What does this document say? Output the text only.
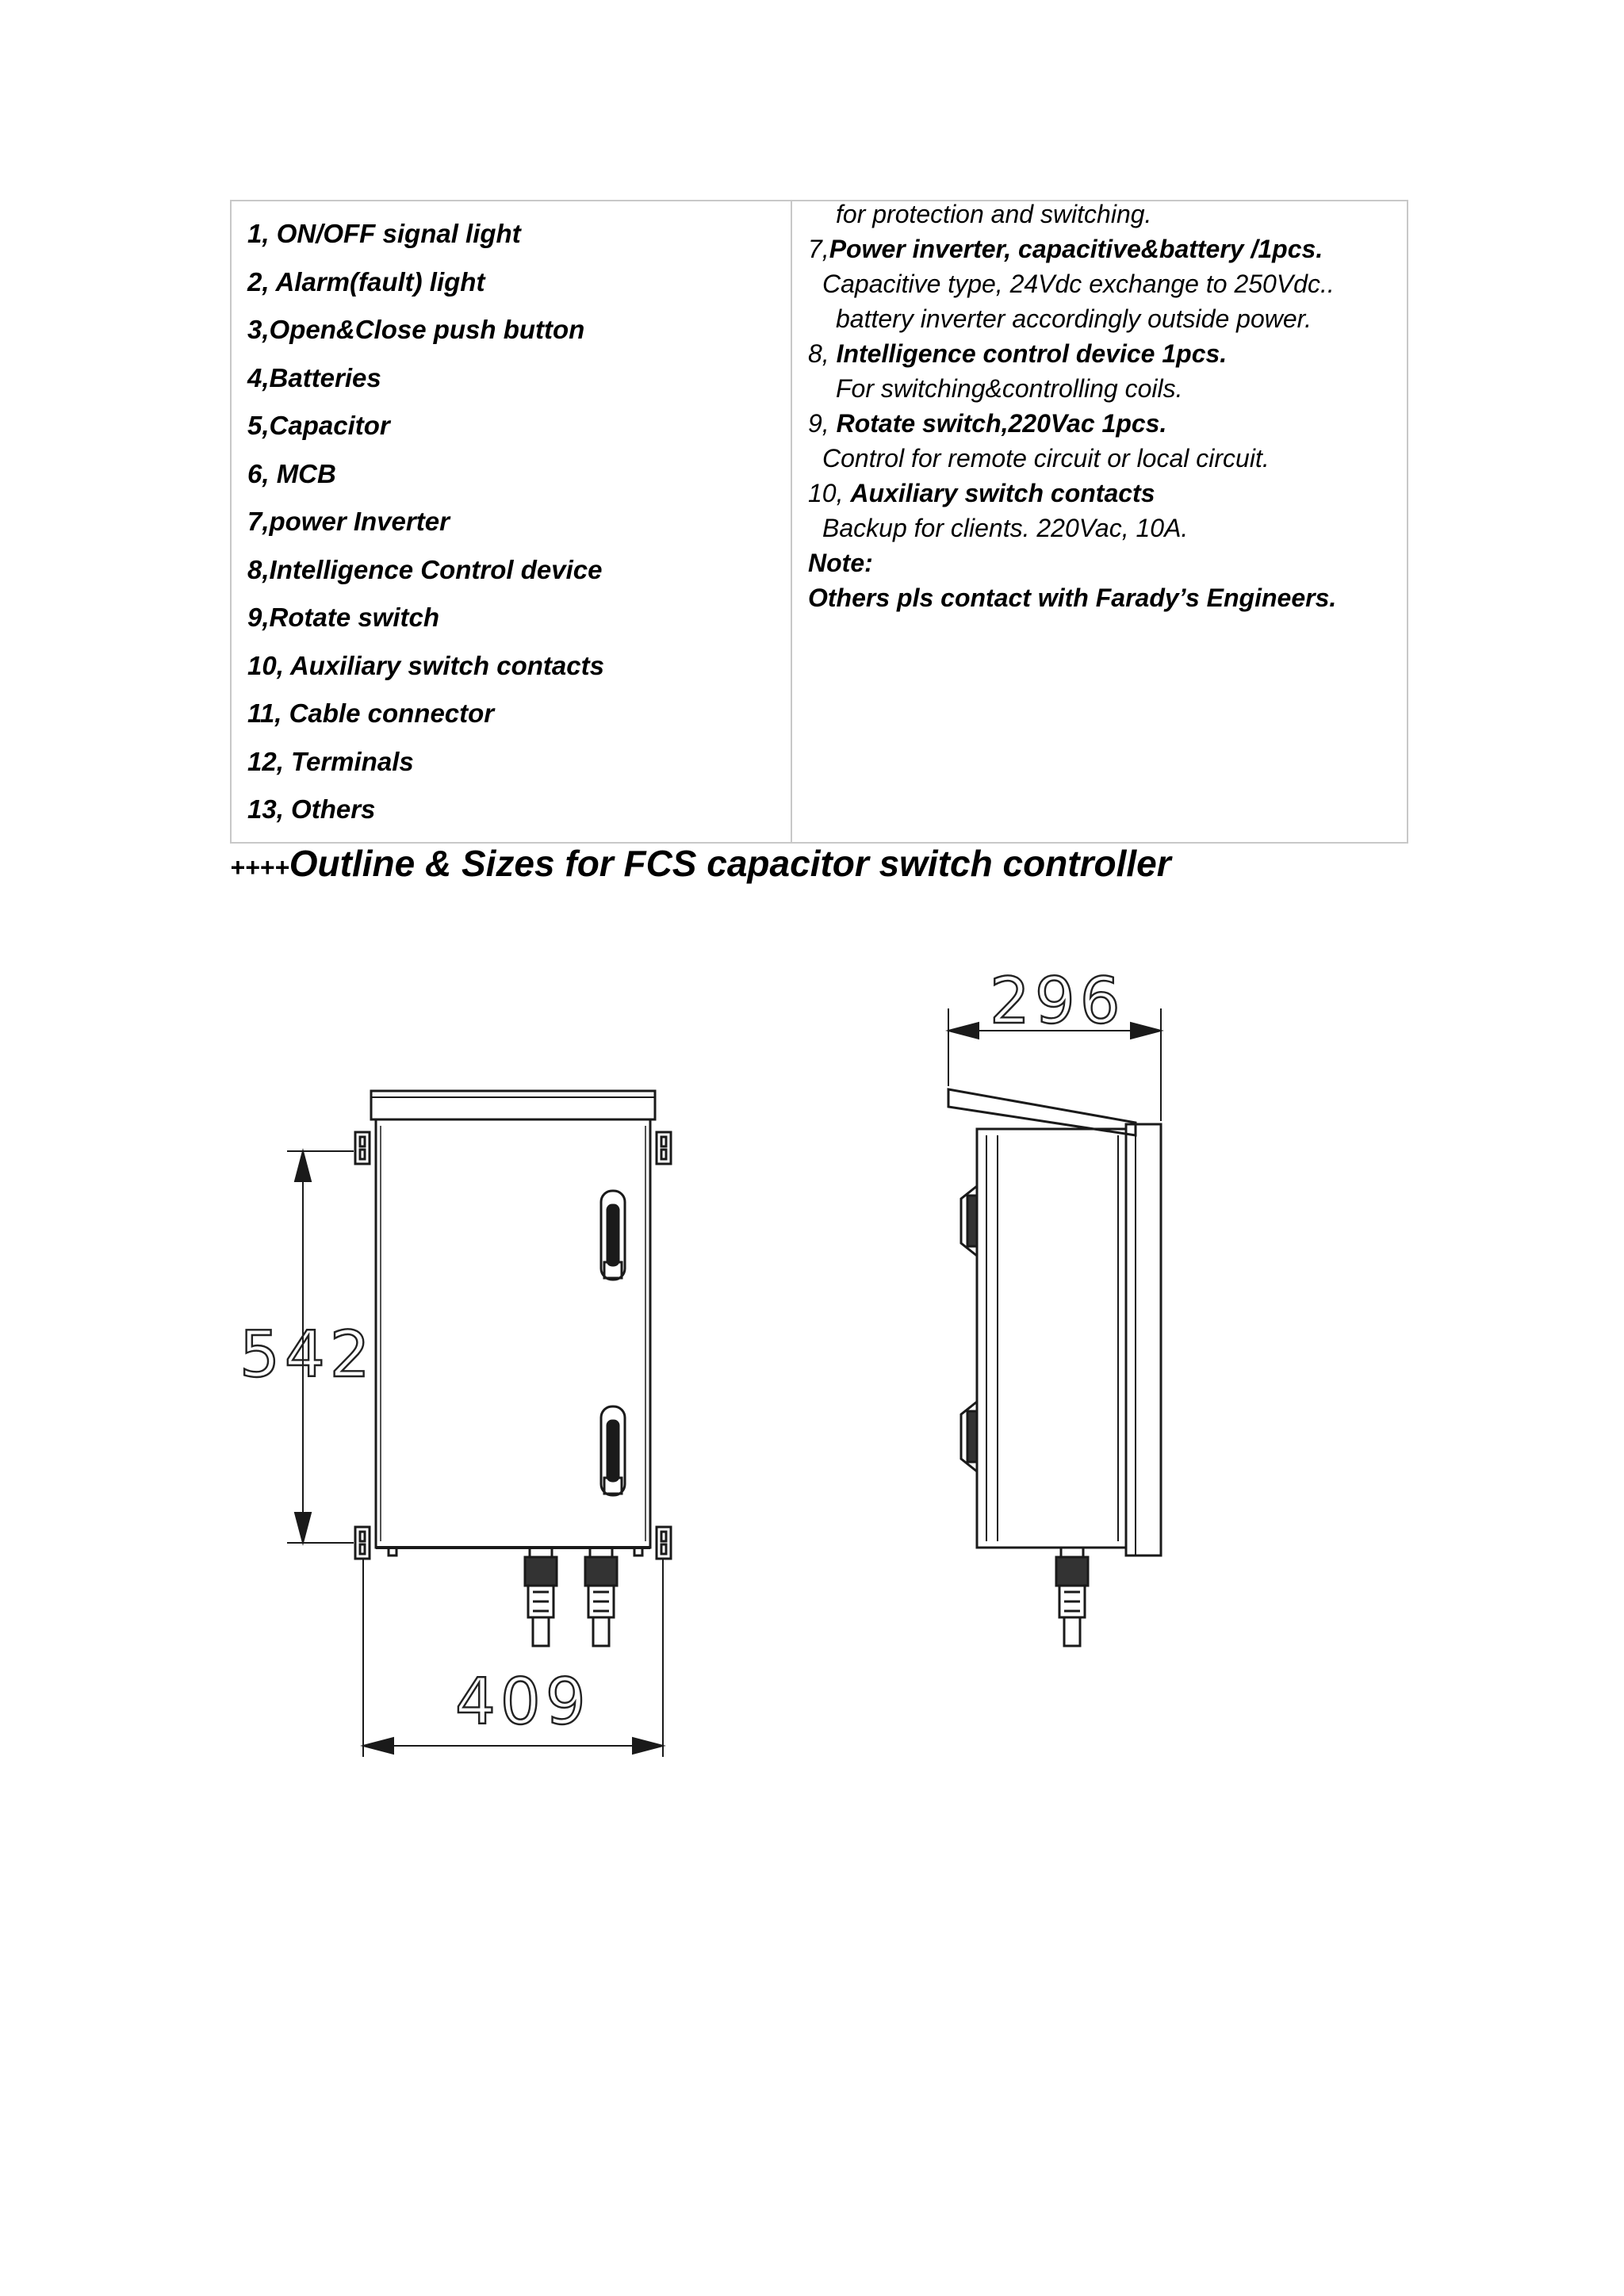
1, ON/OFF signal light
2, Alarm(fault) light
3,Open&Close push button
4,Batteries
5,Capacitor
6, MCB
7,power Inverter
8,Intelligence Control device
9,Rotate switch
10, Auxiliary switch contacts
11, Cable connector
12, Terminals
13, Others
for protection and switching.
7,Power inverter, capacitive&battery /1pcs.
Capacitive type, 24Vdc exchange to 250Vdc..
battery inverter accordingly outside power.
8, Intelligence control device 1pcs.
For switching&controlling coils.
9, Rotate switch,220Vac 1pcs.
Control for remote circuit or local circuit.
10, Auxiliary switch contacts
Backup for clients. 220Vac, 10A.
Note:
Others pls contact with Farady’s Engineers.
++++Outline & Sizes for FCS capacitor switch controller
542
409
296
